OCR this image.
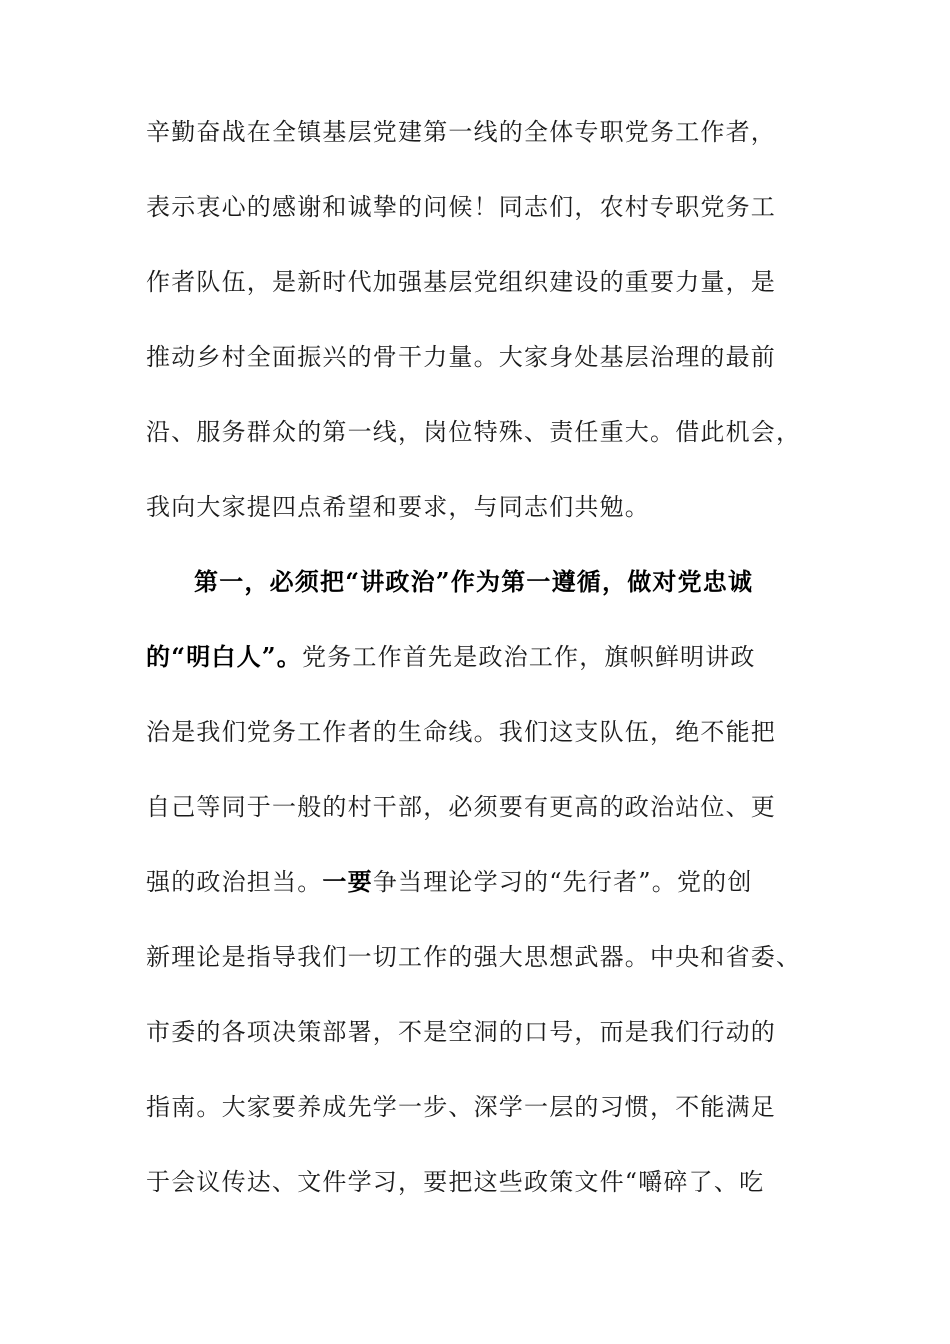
辛勤奋战在全镇基层党建第一线的全体专职党务工作者，
表示衷心的感谢和诚挚的问候！同志们，农村专职党务工
作者队伍，是新时代加强基层党组织建设的重要力量，是
推动乡村全面振兴的骨干力量。大家身处基层治理的最前
沿、服务群众的第一线，岗位特殊、责任重大。借此机会，
我向大家提四点希望和要求，与同志们共勉。
第一，必须把“讲政治”作为第一遵循，做对党忠诚
的“明白人”。党务工作首先是政治工作，旗帜鲜明讲政
治是我们党务工作者的生命线。我们这支队伍，绝不能把
自己等同于一般的村干部，必须要有更高的政治站位、更
强的政治担当。一要争当理论学习的“先行者”。党的创
新理论是指导我们一切工作的强大思想武器。中央和省委、
市委的各项决策部署，不是空洞的口号，而是我们行动的
指南。大家要养成先学一步、深学一层的习惯，不能满足
于会议传达、文件学习，要把这些政策文件“嚼碎了、吃
